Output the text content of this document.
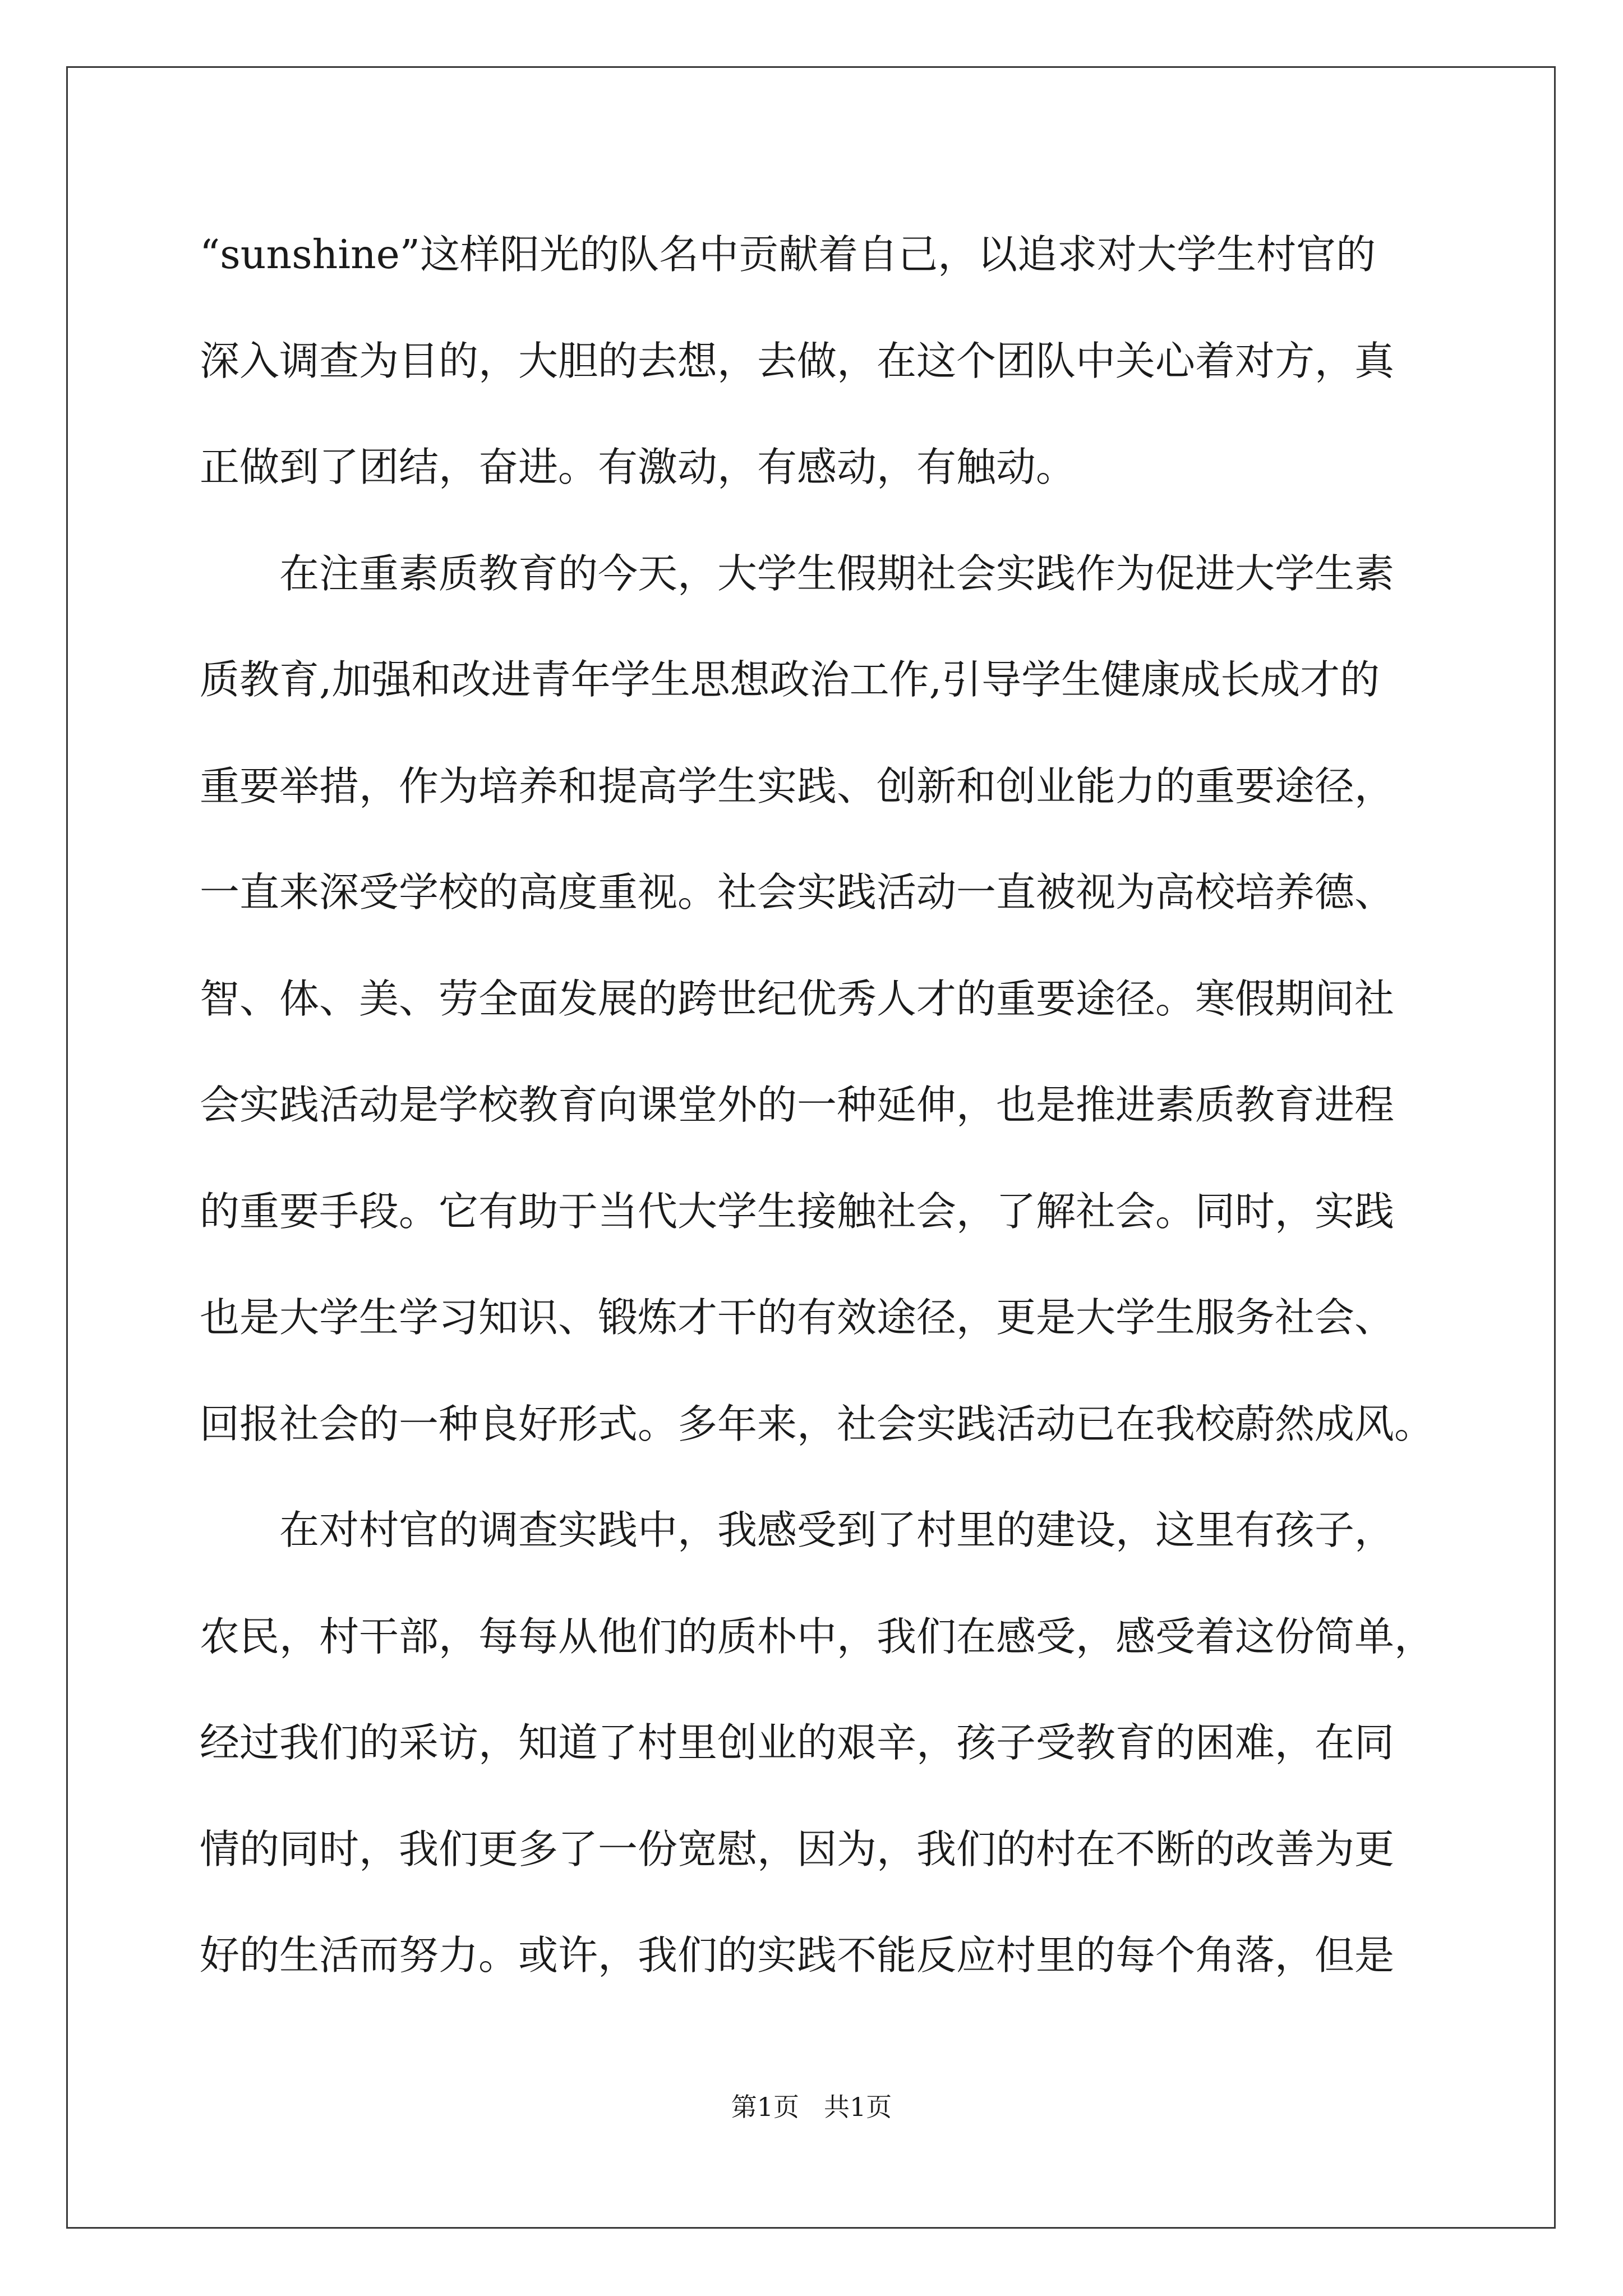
“sunshine”这样阳光的队名中贡献着自己，以追求对大学生村官的
深入调查为目的，大胆的去想，去做，在这个团队中关心着对方，真
正做到了团结，奋进。有激动，有感动，有触动。
在注重素质教育的今天，大学生假期社会实践作为促进大学生素
质教育,加强和改进青年学生思想政治工作,引导学生健康成长成才的
重要举措，作为培养和提高学生实践、创新和创业能力的重要途径，
一直来深受学校的高度重视。社会实践活动一直被视为高校培养德、
智、体、美、劳全面发展的跨世纪优秀人才的重要途径。寒假期间社
会实践活动是学校教育向课堂外的一种延伸，也是推进素质教育进程
的重要手段。它有助于当代大学生接触社会，了解社会。同时，实践
也是大学生学习知识、锻炼才干的有效途径，更是大学生服务社会、
回报社会的一种良好形式。多年来，社会实践活动已在我校蔚然成风。
在对村官的调查实践中，我感受到了村里的建设，这里有孩子，
农民，村干部，每每从他们的质朴中，我们在感受，感受着这份简单，
经过我们的采访，知道了村里创业的艰辛，孩子受教育的困难，在同
情的同时，我们更多了一份宽慰，因为，我们的村在不断的改善为更
好的生活而努力。或许，我们的实践不能反应村里的每个角落，但是
第1页 共1页
